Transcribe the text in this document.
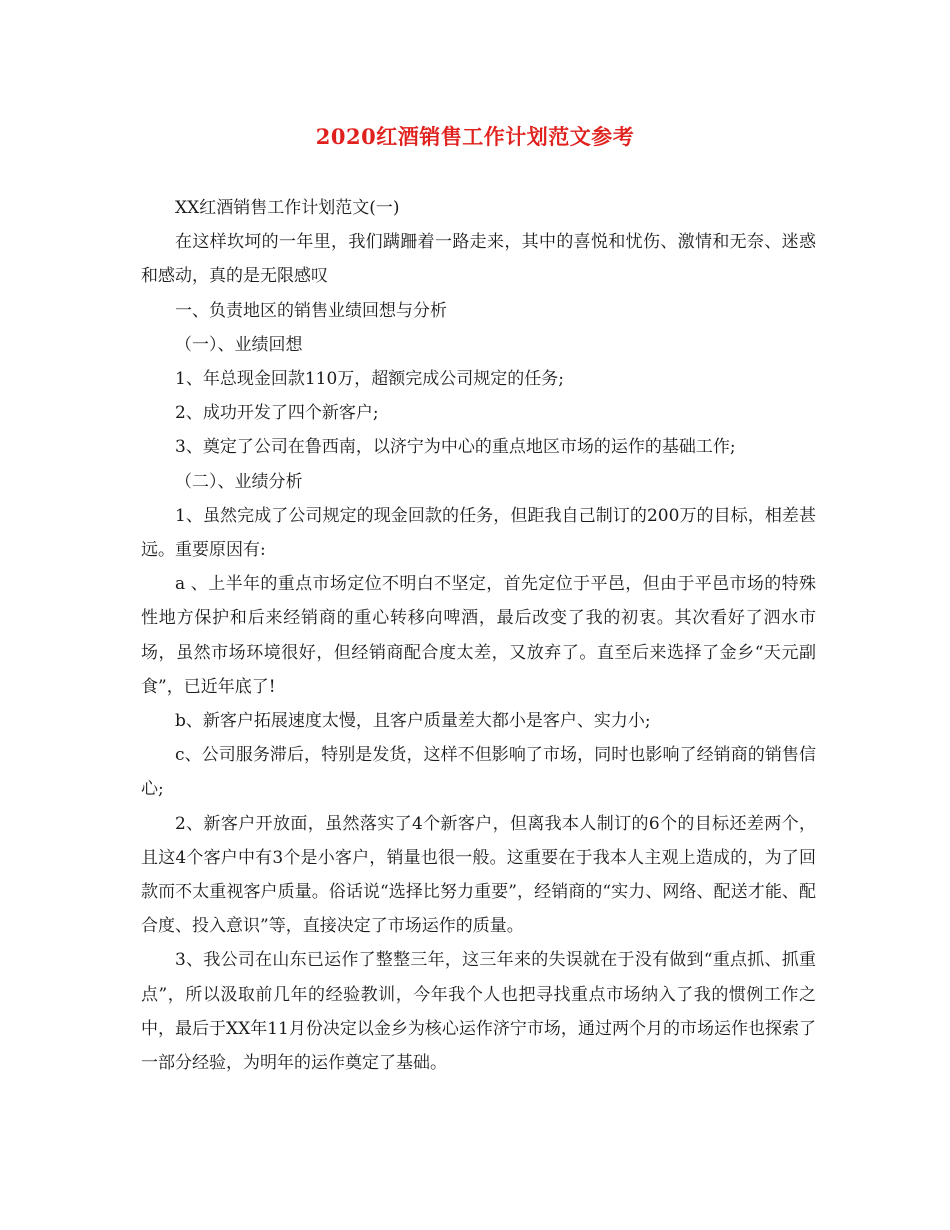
2020红酒销售工作计划范文参考

XX红酒销售工作计划范文(一)

在这样坎坷的一年里，我们蹒跚着一路走来，其中的喜悦和忧伤、激情和无奈、迷惑和感动，真的是无限感叹

一、负责地区的销售业绩回想与分析

（一）、业绩回想

1、年总现金回款110万，超额完成公司规定的任务;

2、成功开发了四个新客户;

3、奠定了公司在鲁西南，以济宁为中心的重点地区市场的运作的基础工作;

（二）、业绩分析

1、虽然完成了公司规定的现金回款的任务，但距我自己制订的200万的目标，相差甚远。重要原因有:

a 、上半年的重点市场定位不明白不坚定，首先定位于平邑，但由于平邑市场的特殊性地方保护和后来经销商的重心转移向啤酒，最后改变了我的初衷。其次看好了泗水市场，虽然市场环境很好，但经销商配合度太差，又放弃了。直至后来选择了金乡“天元副食”，已近年底了!

b、新客户拓展速度太慢，且客户质量差大都小是客户、实力小;

c、公司服务滞后，特别是发货，这样不但影响了市场，同时也影响了经销商的销售信心;

2、新客户开放面，虽然落实了4个新客户，但离我本人制订的6个的目标还差两个，且这4个客户中有3个是小客户，销量也很一般。这重要在于我本人主观上造成的，为了回款而不太重视客户质量。俗话说“选择比努力重要”，经销商的“实力、网络、配送才能、配合度、投入意识”等，直接决定了市场运作的质量。

3、我公司在山东已运作了整整三年，这三年来的失误就在于没有做到“重点抓、抓重点”，所以汲取前几年的经验教训，今年我个人也把寻找重点市场纳入了我的惯例工作之中，最后于XX年11月份决定以金乡为核心运作济宁市场，通过两个月的市场运作也探索了一部分经验，为明年的运作奠定了基础。
